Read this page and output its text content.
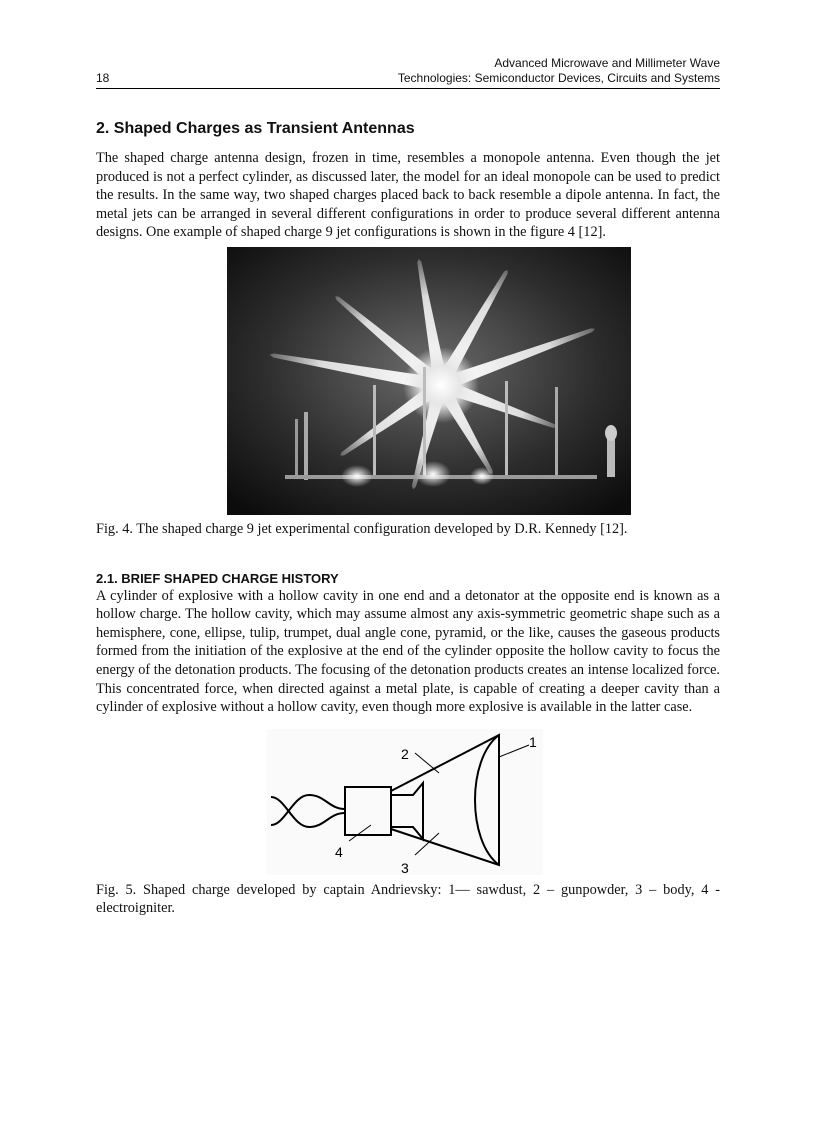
18
Advanced Microwave and Millimeter Wave
Technologies: Semiconductor Devices, Circuits and Systems
2. Shaped Charges as Transient Antennas

The shaped charge antenna design, frozen in time, resembles a monopole antenna. Even though the jet produced is not a perfect cylinder, as discussed later, the model for an ideal monopole can be used to predict the results. In the same way, two shaped charges placed back to back resemble a dipole antenna. In fact, the metal jets can be arranged in several different configurations in order to produce several different antenna designs. One example of shaped charge 9 jet configurations is shown in the figure 4 [12].

Fig. 4. The shaped charge 9 jet experimental configuration developed by D.R. Kennedy [12].

2.1. BRIEF SHAPED CHARGE HISTORY

A cylinder of explosive with a hollow cavity in one end and a detonator at the opposite end is known as a hollow charge. The hollow cavity, which may assume almost any axis-symmetric geometric shape such as a hemisphere, cone, ellipse, tulip, trumpet, dual angle cone, pyramid, or the like, causes the gaseous products formed from the initiation of the explosive at the end of the cylinder opposite the hollow cavity to focus the energy of the detonation products. The focusing of the detonation products creates an intense localized force. This concentrated force, when directed against a metal plate, is capable of creating a deeper cavity than a cylinder of explosive without a hollow cavity, even though more explosive is available in the latter case.

1
2
3
4

Fig. 5. Shaped charge developed by captain Andrievsky: 1— sawdust, 2 – gunpowder, 3 – body, 4 - electroigniter.
